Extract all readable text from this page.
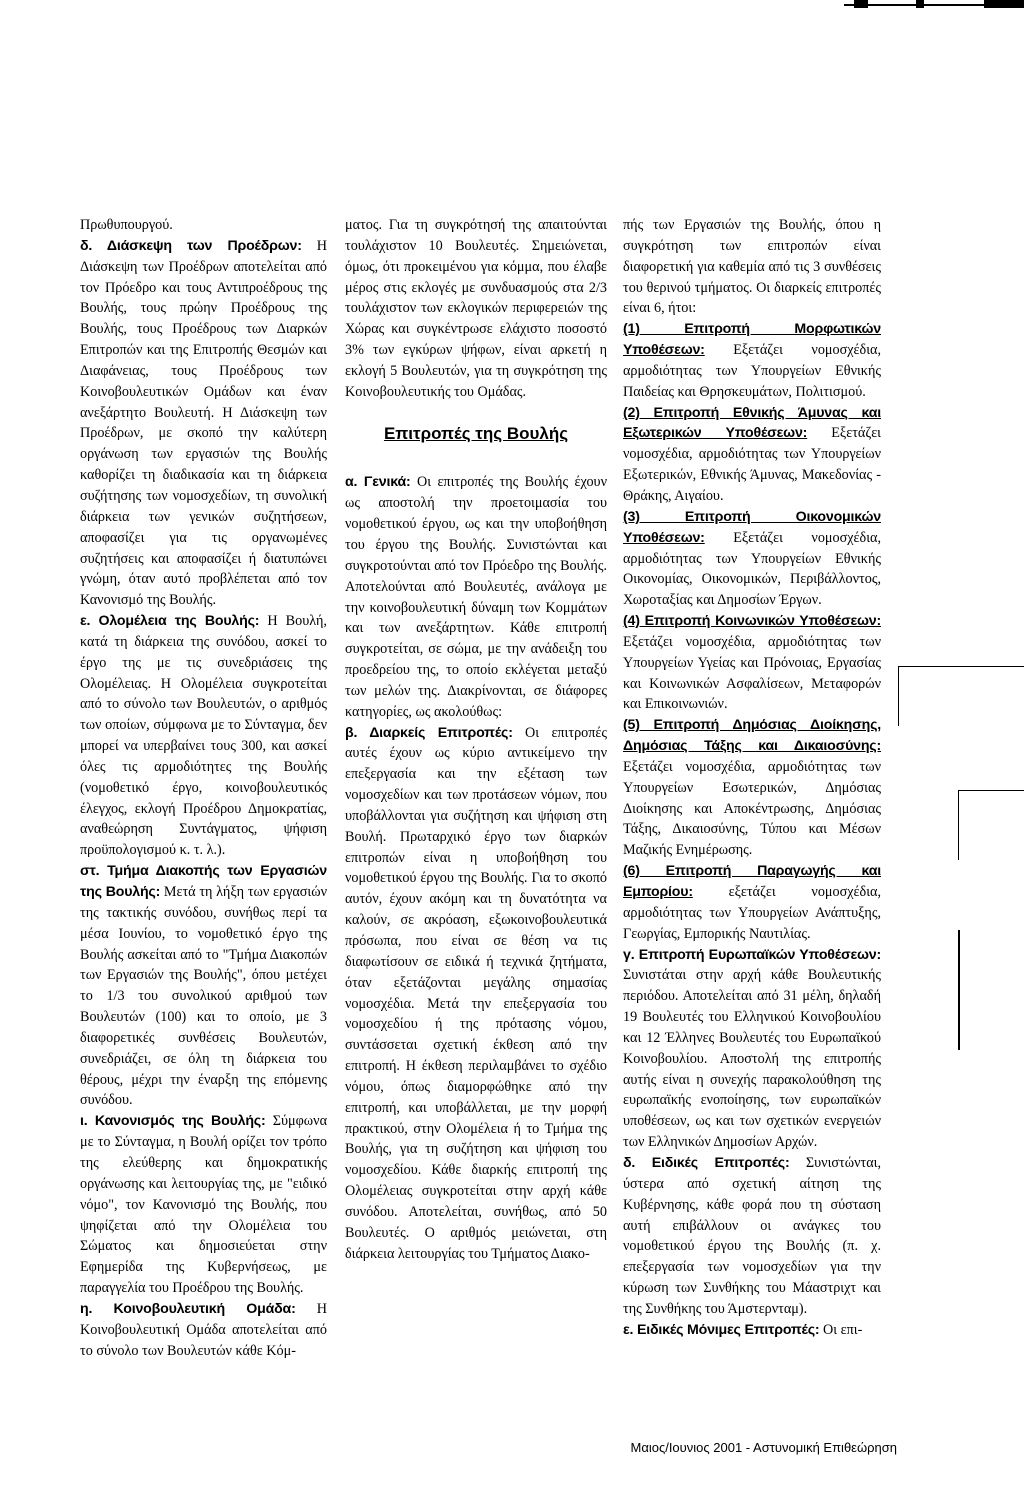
Πρωθυπουργού.

δ. Διάσκεψη των Προέδρων: Η Διάσκεψη των Προέδρων αποτελείται από τον Πρόεδρο και τους Αντιπροέδρους της Βουλής, τους πρώην Προέδρους της Βουλής, τους Προέδρους των Διαρκών Επιτροπών και της Επιτροπής Θεσμών και Διαφάνειας, τους Προέδρους των Κοινοβουλευτικών Ομάδων και έναν ανεξάρτητο Βουλευτή. Η Διάσκεψη των Προέδρων, με σκοπό την καλύτερη οργάνωση των εργασιών της Βουλής καθορίζει τη διαδικασία και τη διάρκεια συζήτησης των νομοσχεδίων, τη συνολική διάρκεια των γενικών συζητήσεων, αποφασίζει για τις οργανωμένες συζητήσεις και αποφασίζει ή διατυπώνει γνώμη, όταν αυτό προβλέπεται από τον Κανονισμό της Βουλής.

ε. Ολομέλεια της Βουλής: Η Βουλή, κατά τη διάρκεια της συνόδου, ασκεί το έργο της με τις συνεδριάσεις της Ολομέλειας. Η Ολομέλεια συγκροτείται από το σύνολο των Βουλευτών, ο αριθμός των οποίων, σύμφωνα με το Σύνταγμα, δεν μπορεί να υπερβαίνει τους 300, και ασκεί όλες τις αρμοδιότητες της Βουλής (νομοθετικό έργο, κοινοβουλευτικός έλεγχος, εκλογή Προέδρου Δημοκρατίας, αναθεώρηση Συντάγματος, ψήφιση προϋπολογισμού κ. τ. λ.).

στ. Τμήμα Διακοπής των Εργασιών της Βουλής: Μετά τη λήξη των εργασιών της τακτικής συνόδου, συνήθως περί τα μέσα Ιουνίου, το νομοθετικό έργο της Βουλής ασκείται από το "Τμήμα Διακοπών των Εργασιών της Βουλής", όπου μετέχει το 1/3 του συνολικού αριθμού των Βουλευτών (100) και το οποίο, με 3 διαφορετικές συνθέσεις Βουλευτών, συνεδριάζει, σε όλη τη διάρκεια του θέρους, μέχρι την έναρξη της επόμενης συνόδου.

ι. Κανονισμός της Βουλής: Σύμφωνα με το Σύνταγμα, η Βουλή ορίζει τον τρόπο της ελεύθερης και δημοκρατικής οργάνωσης και λειτουργίας της, με "ειδικό νόμο", τον Κανονισμό της Βουλής, που ψηφίζεται από την Ολομέλεια του Σώματος και δημοσιεύεται στην Εφημερίδα της Κυβερνήσεως, με παραγγελία του Προέδρου της Βουλής.

η. Κοινοβουλευτική Ομάδα: Η Κοινοβουλευτική Ομάδα αποτελείται από το σύνολο των Βουλευτών κάθε Κόμ-

ματος. Για τη συγκρότησή της απαιτούνται τουλάχιστον 10 Βουλευτές. Σημειώνεται, όμως, ότι προκειμένου για κόμμα, που έλαβε μέρος στις εκλογές με συνδυασμούς στα 2/3 τουλάχιστον των εκλογικών περιφερειών της Χώρας και συγκέντρωσε ελάχιστο ποσοστό 3% των εγκύρων ψήφων, είναι αρκετή η εκλογή 5 Βουλευτών, για τη συγκρότηση της Κοινοβουλευτικής του Ομάδας.

Επιτροπές της Βουλής

α. Γενικά: Οι επιτροπές της Βουλής έχουν ως αποστολή την προετοιμασία του νομοθετικού έργου, ως και την υποβοήθηση του έργου της Βουλής. Συνιστώνται και συγκροτούνται από τον Πρόεδρο της Βουλής. Αποτελούνται από Βουλευτές, ανάλογα με την κοινοβουλευτική δύναμη των Κομμάτων και των ανεξάρτητων. Κάθε επιτροπή συγκροτείται, σε σώμα, με την ανάδειξη του προεδρείου της, το οποίο εκλέγεται μεταξύ των μελών της. Διακρίνονται, σε διάφορες κατηγορίες, ως ακολούθως:

β. Διαρκείς Επιτροπές: Οι επιτροπές αυτές έχουν ως κύριο αντικείμενο την επεξεργασία και την εξέταση των νομοσχεδίων και των προτάσεων νόμων, που υποβάλλονται για συζήτηση και ψήφιση στη Βουλή. Πρωταρχικό έργο των διαρκών επιτροπών είναι η υποβοήθηση του νομοθετικού έργου της Βουλής. Για το σκοπό αυτόν, έχουν ακόμη και τη δυνατότητα να καλούν, σε ακρόαση, εξωκοινοβουλευτικά πρόσωπα, που είναι σε θέση να τις διαφωτίσουν σε ειδικά ή τεχνικά ζητήματα, όταν εξετάζονται μεγάλης σημασίας νομοσχέδια. Μετά την επεξεργασία του νομοσχεδίου ή της πρότασης νόμου, συντάσσεται σχετική έκθεση από την επιτροπή. Η έκθεση περιλαμβάνει το σχέδιο νόμου, όπως διαμορφώθηκε από την επιτροπή, και υποβάλλεται, με την μορφή πρακτικού, στην Ολομέλεια ή το Τμήμα της Βουλής, για τη συζήτηση και ψήφιση του νομοσχεδίου. Κάθε διαρκής επιτροπή της Ολομέλειας συγκροτείται στην αρχή κάθε συνόδου. Αποτελείται, συνήθως, από 50 Βουλευτές. Ο αριθμός μειώνεται, στη διάρκεια λειτουργίας του Τμήματος Διακο-

πής των Εργασιών της Βουλής, όπου η συγκρότηση των επιτροπών είναι διαφορετική για καθεμία από τις 3 συνθέσεις του θερινού τμήματος. Οι διαρκείς επιτροπές είναι 6, ήτοι:

(1) Επιτροπή Μορφωτικών Υποθέσεων: Εξετάζει νομοσχέδια, αρμοδιότητας των Υπουργείων Εθνικής Παιδείας και Θρησκευμάτων, Πολιτισμού.

(2) Επιτροπή Εθνικής Άμυνας και Εξωτερικών Υποθέσεων: Εξετάζει νομοσχέδια, αρμοδιότητας των Υπουργείων Εξωτερικών, Εθνικής Άμυνας, Μακεδονίας - Θράκης, Αιγαίου.

(3) Επιτροπή Οικονομικών Υποθέσεων: Εξετάζει νομοσχέδια, αρμοδιότητας των Υπουργείων Εθνικής Οικονομίας, Οικονομικών, Περιβάλλοντος, Χωροταξίας και Δημοσίων Έργων.

(4) Επιτροπή Κοινωνικών Υποθέσεων: Εξετάζει νομοσχέδια, αρμοδιότητας των Υπουργείων Υγείας και Πρόνοιας, Εργασίας και Κοινωνικών Ασφαλίσεων, Μεταφορών και Επικοινωνιών.

(5) Επιτροπή Δημόσιας Διοίκησης, Δημόσιας Τάξης και Δικαιοσύνης: Εξετάζει νομοσχέδια, αρμοδιότητας των Υπουργείων Εσωτερικών, Δημόσιας Διοίκησης και Αποκέντρωσης, Δημόσιας Τάξης, Δικαιοσύνης, Τύπου και Μέσων Μαζικής Ενημέρωσης.

(6) Επιτροπή Παραγωγής και Εμπορίου: εξετάζει νομοσχέδια, αρμοδιότητας των Υπουργείων Ανάπτυξης, Γεωργίας, Εμπορικής Ναυτιλίας.

γ. Επιτροπή Ευρωπαϊκών Υποθέσεων: Συνιστάται στην αρχή κάθε Βουλευτικής περιόδου. Αποτελείται από 31 μέλη, δηλαδή 19 Βουλευτές του Ελληνικού Κοινοβουλίου και 12 Έλληνες Βουλευτές του Ευρωπαϊκού Κοινοβουλίου. Αποστολή της επιτροπής αυτής είναι η συνεχής παρακολούθηση της ευρωπαϊκής ενοποίησης, των ευρωπαϊκών υποθέσεων, ως και των σχετικών ενεργειών των Ελληνικών Δημοσίων Αρχών.

δ. Ειδικές Επιτροπές: Συνιστώνται, ύστερα από σχετική αίτηση της Κυβέρνησης, κάθε φορά που τη σύσταση αυτή επιβάλλουν οι ανάγκες του νομοθετικού έργου της Βουλής (π. χ. επεξεργασία των νομοσχεδίων για την κύρωση των Συνθήκης του Μάαστριχτ και της Συνθήκης του Άμστερνταμ).

ε. Ειδικές Μόνιμες Επιτροπές: Οι επι-

Μαιος/Ιουνιος 2001 - Αστυνομική Επιθεώρηση
